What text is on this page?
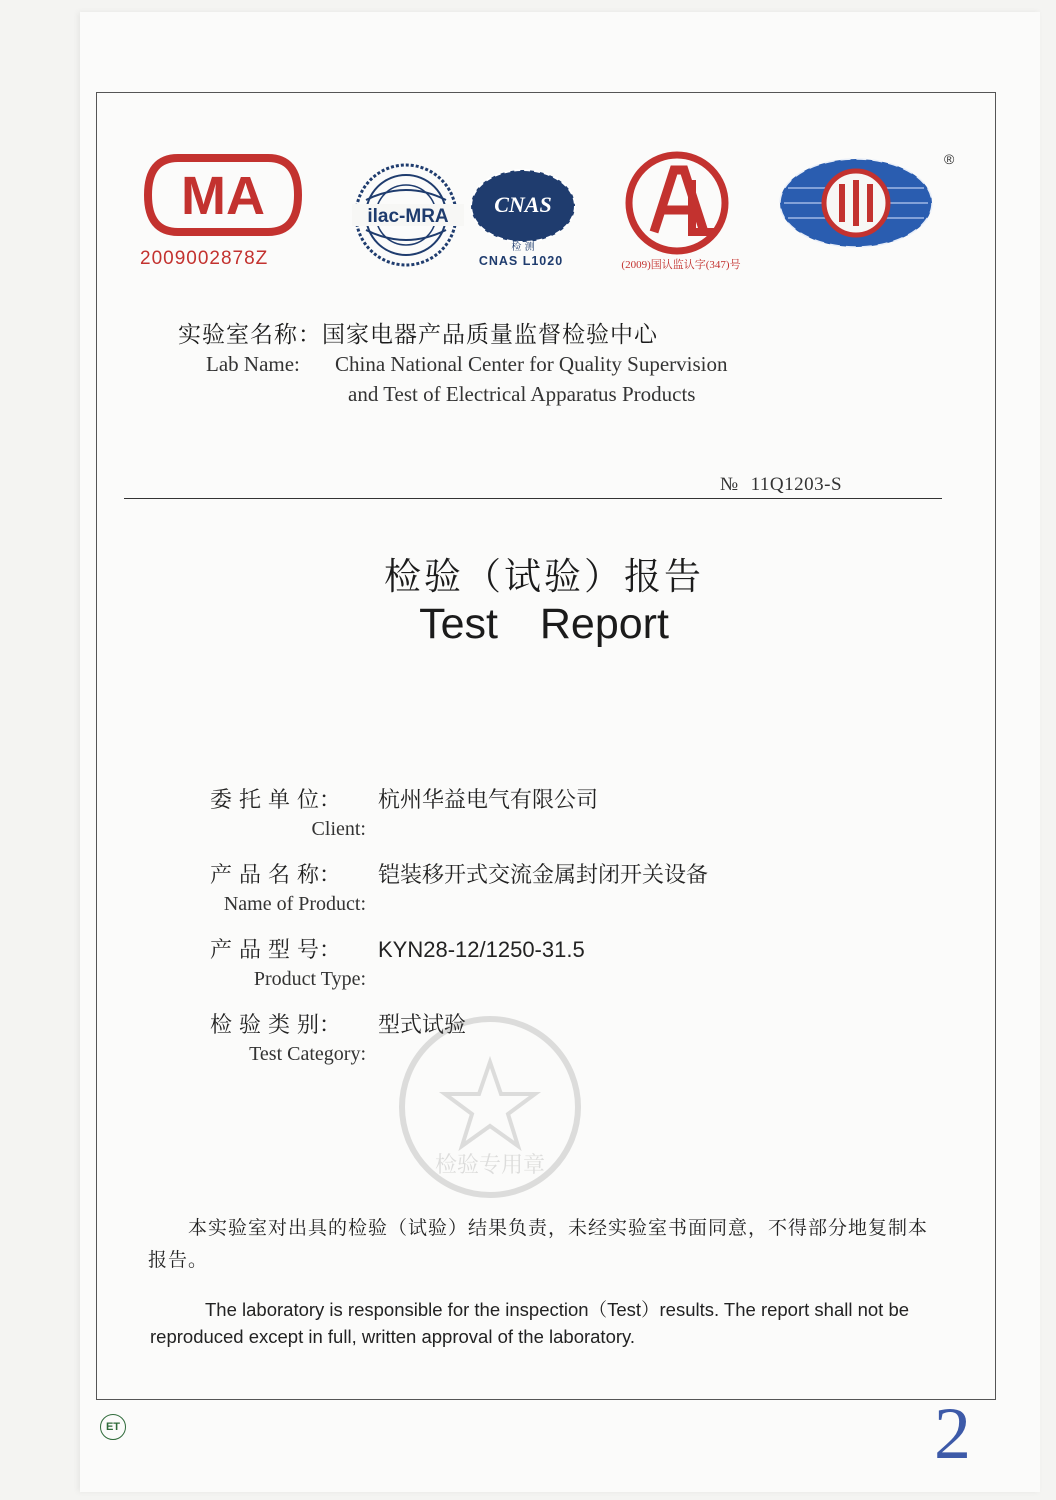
MA
2009002878Z
ilac-MRA CNAS
检 测
CNAS L1020	(2009)国认监认字(347)号
®
实验室名称：国家电器产品质量监督检验中心
Lab Name: China National Center for Quality Supervision
and Test of Electrical Apparatus Products
№ 11Q1203-S
检验（试验）报告
Test Report
委 托 单 位： 杭州华益电气有限公司
Client:
产 品 名 称： 铠装移开式交流金属封闭开关设备
Name of Product:
产 品 型 号： KYN28-12/1250-31.5
Product Type:
检 验 类 别： 型式试验
Test Category:
检验专用章
本实验室对出具的检验（试验）结果负责，未经实验室书面同意，不得部分地复制本报告。
The laboratory is responsible for the inspection（Test）results. The report shall not be reproduced except in full, written approval of the laboratory.
ET	2
